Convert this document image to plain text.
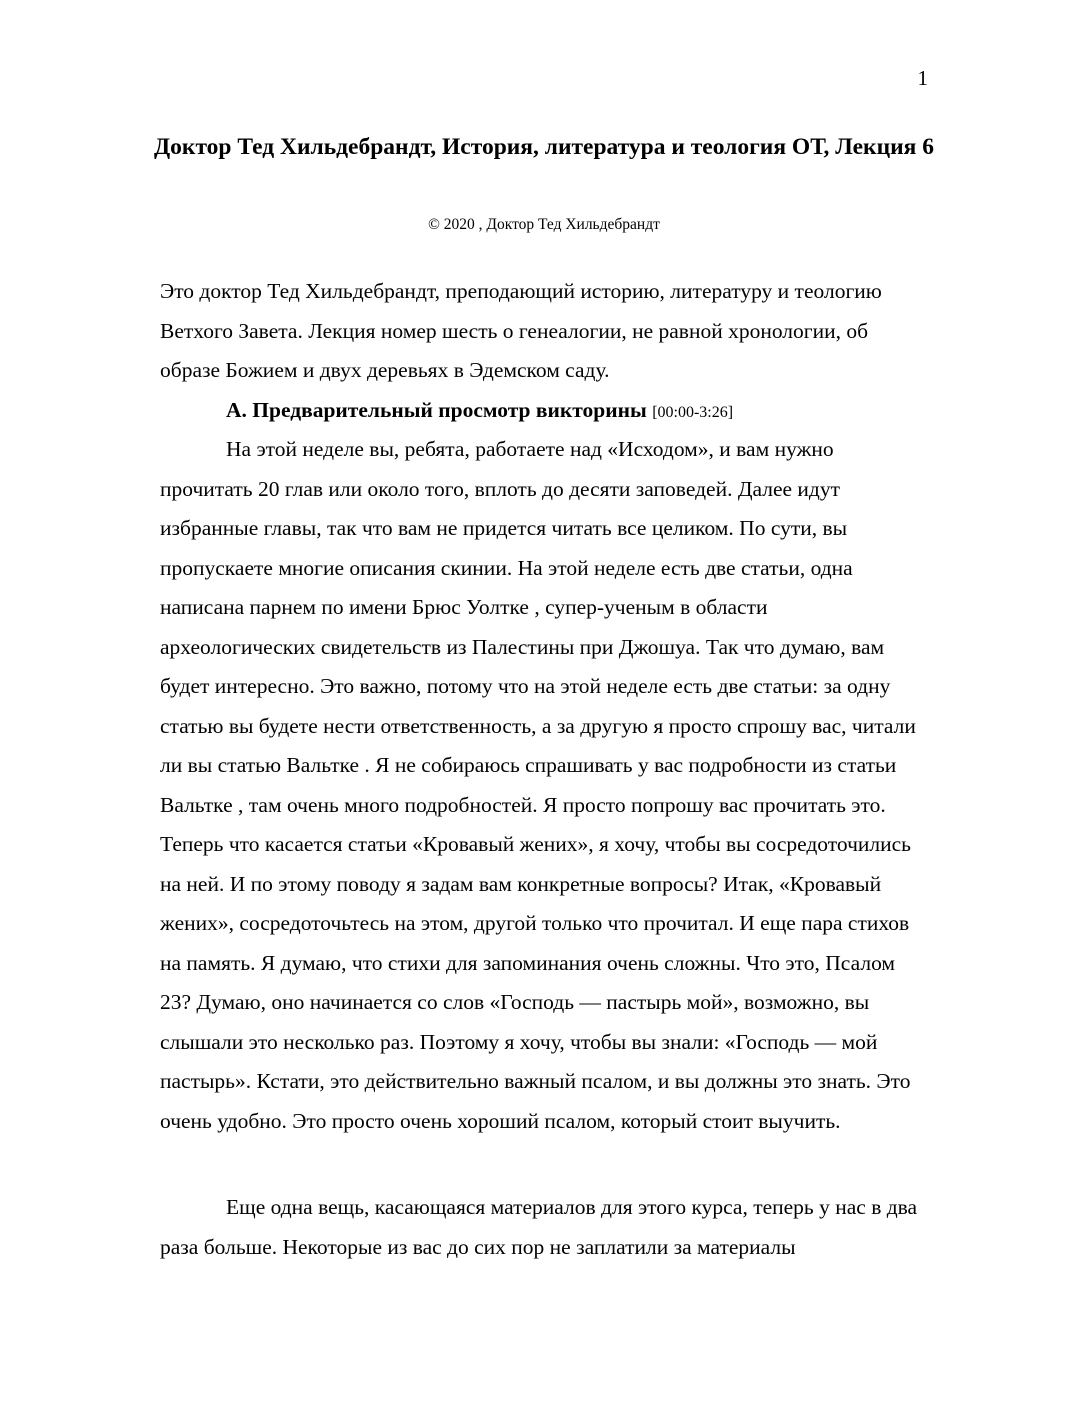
1
Доктор Тед Хильдебрандт, История, литература и теология ОТ, Лекция 6
© 2020 , Доктор Тед Хильдебрандт

Это доктор Тед Хильдебрандт, преподающий историю, литературу и теологию Ветхого Завета. Лекция номер шесть о генеалогии, не равной хронологии, об образе Божием и двух деревьях в Эдемском саду.

A. Предварительный просмотр викторины [00:00-3:26]

На этой неделе вы, ребята, работаете над «Исходом», и вам нужно прочитать 20 глав или около того, вплоть до десяти заповедей. Далее идут избранные главы, так что вам не придется читать все целиком. По сути, вы пропускаете многие описания скинии. На этой неделе есть две статьи, одна написана парнем по имени Брюс Уолтке , супер-ученым в области археологических свидетельств из Палестины при Джошуа. Так что думаю, вам будет интересно. Это важно, потому что на этой неделе есть две статьи: за одну статью вы будете нести ответственность, а за другую я просто спрошу вас, читали ли вы статью Вальтке . Я не собираюсь спрашивать у вас подробности из статьи Вальтке , там очень много подробностей. Я просто попрошу вас прочитать это. Теперь что касается статьи «Кровавый жених», я хочу, чтобы вы сосредоточились на ней. И по этому поводу я задам вам конкретные вопросы? Итак, «Кровавый жених», сосредоточьтесь на этом, другой только что прочитал. И еще пара стихов на память. Я думаю, что стихи для запоминания очень сложны. Что это, Псалом 23? Думаю, оно начинается со слов «Господь — пастырь мой», возможно, вы слышали это несколько раз. Поэтому я хочу, чтобы вы знали: «Господь — мой пастырь». Кстати, это действительно важный псалом, и вы должны это знать. Это очень удобно. Это просто очень хороший псалом, который стоит выучить.

Еще одна вещь, касающаяся материалов для этого курса, теперь у нас в два раза больше. Некоторые из вас до сих пор не заплатили за материалы
